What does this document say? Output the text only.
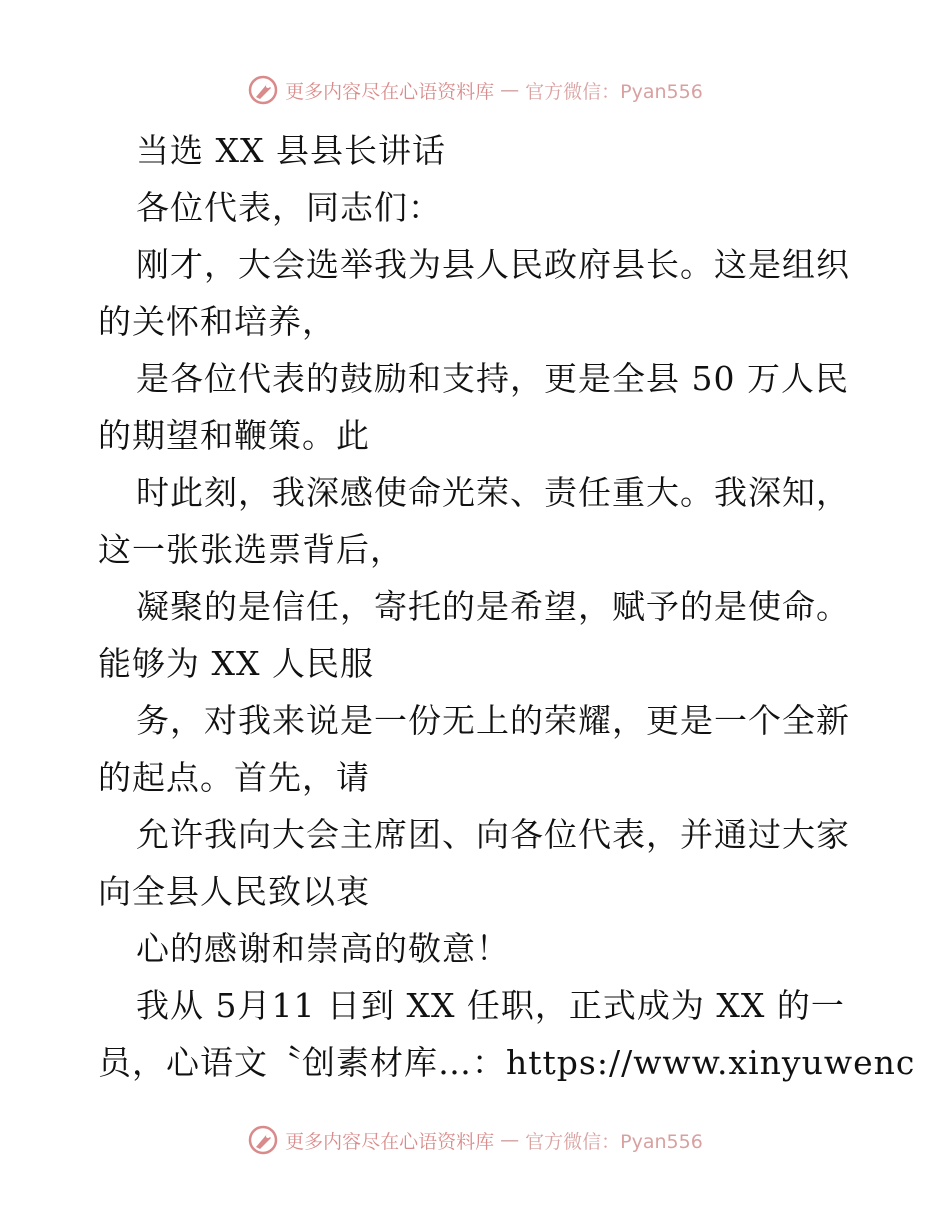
更多内容尽在心语资料库 — 官方微信：Pyan556
当选 XX 县县长讲话
各位代表，同志们：
刚才，大会选举我为县人民政府县长。这是组织
的关怀和培养，
是各位代表的鼓励和支持，更是全县 50 万人民
的期望和鞭策。此
时此刻，我深感使命光荣、责任重大。我深知，
这一张张选票背后，
凝聚的是信任，寄托的是希望，赋予的是使命。
能够为 XX 人民服
务，对我来说是一份无上的荣耀，更是一个全新
的起点。首先，请
允许我向大会主席团、向各位代表，并通过大家
向全县人民致以衷
心的感谢和崇高的敬意！
我从 5月11 日到 XX 任职，正式成为 XX 的一
员，心语文〝创素材库…：https://www.xinyuwenc
更多内容尽在心语资料库 — 官方微信：Pyan556
